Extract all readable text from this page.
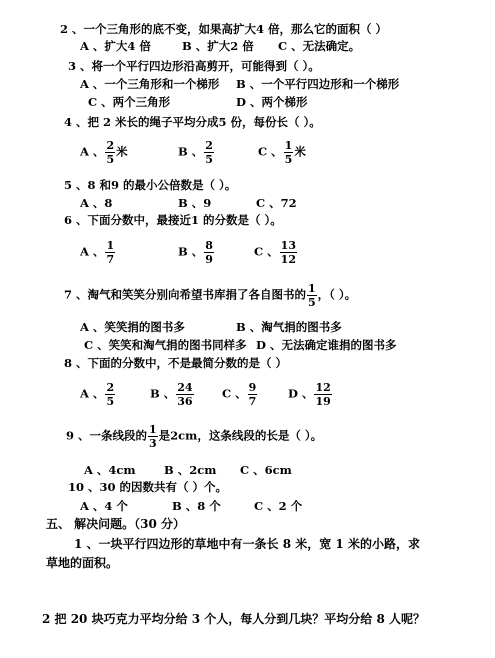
2 、一个三角形的底不变，如果高扩大4 倍，那么它的面积（ ）
A 、扩大4 倍	B 、扩大2 倍 C 、无法确定。
3 、将一个平行四边形沿高剪开，可能得到（ ）。
A 、一个三角形和一个梯形 B 、一个平行四边形和一个梯形
C 、两个三角形	D 、两个梯形
4 、把 2 米长的绳子平均分成5 份，每份长（ ）。
A 、 $\frac{2}{5}$ 米	B 、 $\frac{2}{5}$	C 、 $\frac{1}{5}$ 米
5 、8 和9 的最小公倍数是（ ）。
A 、8	B 、9	C 、72
6 、下面分数中，最接近1 的分数是（ ）。
A 、 $\frac{1}{7}$	B 、 $\frac{8}{9}$	C 、 $\frac{13}{12}$
7 、淘气和笑笑分别向希望书库捐了各自图书的 $\frac{1}{5}$ ，（ ）。
A 、笑笑捐的图书多	B 、淘气捐的图书多
C 、笑笑和淘气捐的图书同样多 D 、无法确定谁捐的图书多
8 、下面的分数中，不是最简分数的是（ ）
A 、 $\frac{2}{5}$	B 、 $\frac{24}{36}$ C 、 $\frac{9}{7}$	D 、 $\frac{12}{19}$
9 、一条线段的 $\frac{1}{3}$ 是2cm，这条线段的长是（ ）。
A 、4cm B 、2cm C 、6cm
10 、30 的因数共有（ ）个。
A 、4 个	B 、8 个	C 、2 个
五、 解决问题。（30 分）
1 、一块平行四边形的草地中有一条长 8 米，宽 1 米的小路，求
草地的面积。
2 把 20 块巧克力平均分给 3 个人，每人分到几块？平均分给 8 人呢？
